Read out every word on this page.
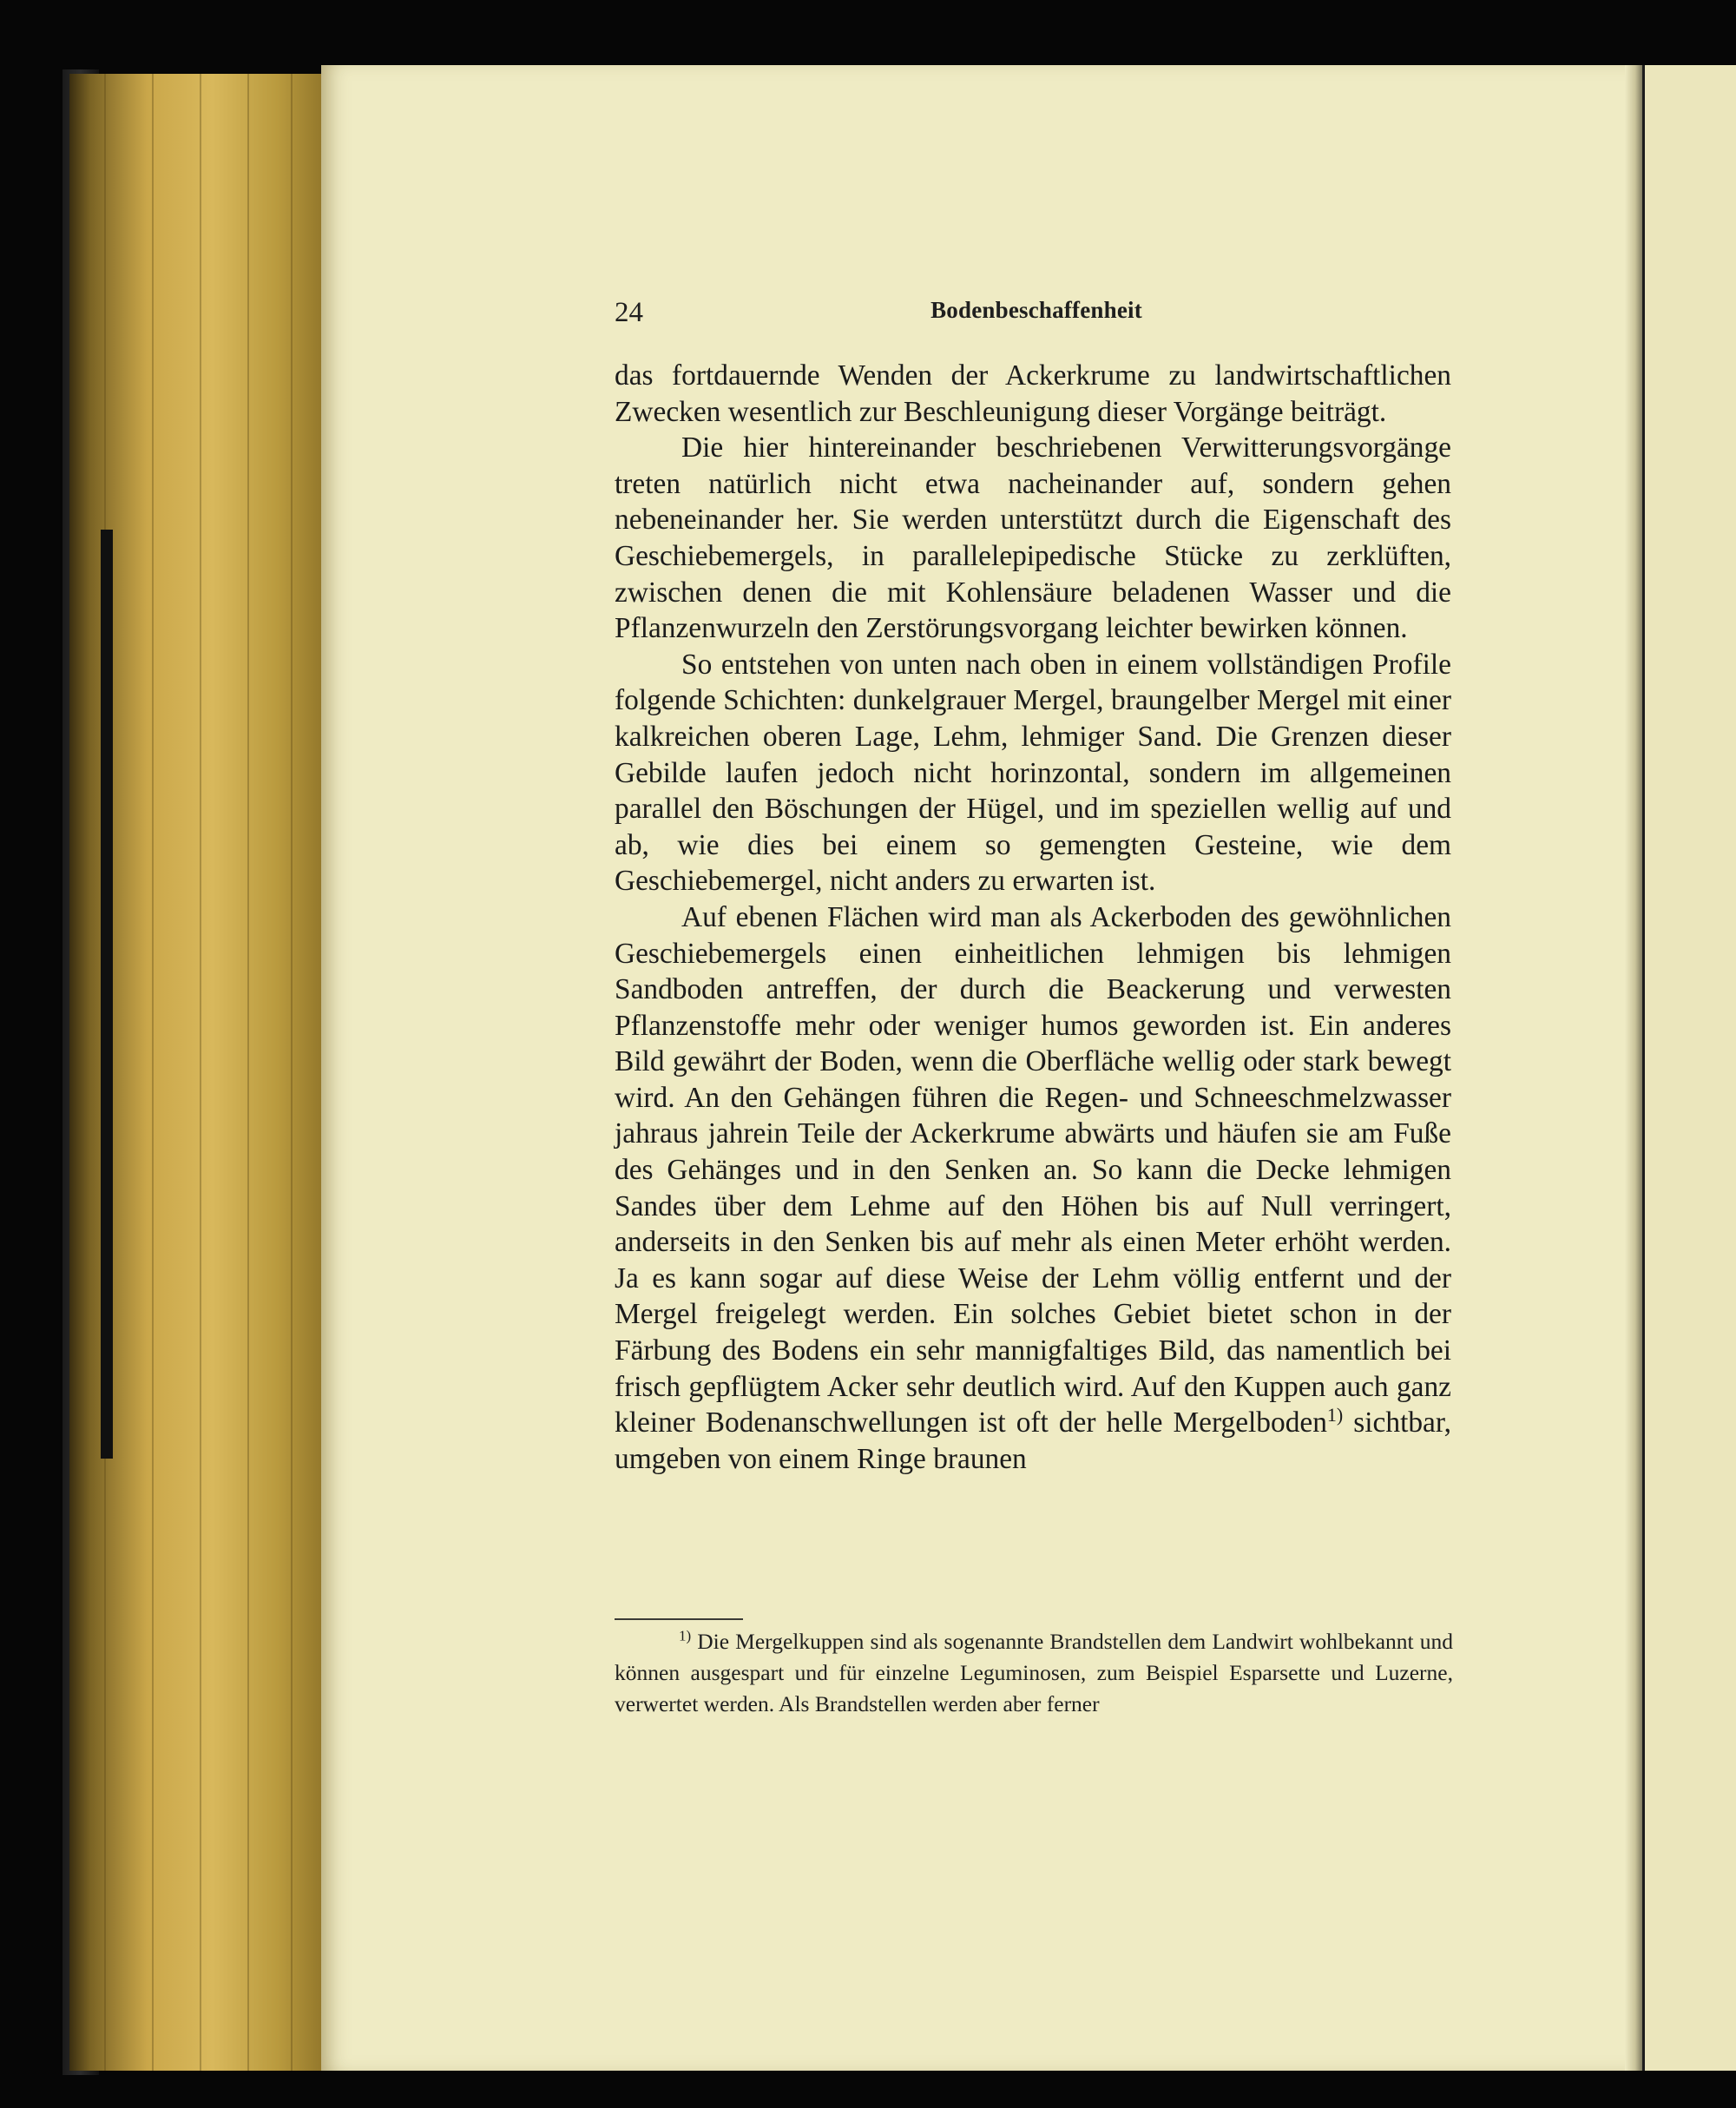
24	Bodenbeschaffenheit

das fortdauernde Wenden der Ackerkrume zu landwirtschaftlichen Zwecken wesentlich zur Beschleunigung dieser Vorgänge beiträgt.

Die hier hintereinander beschriebenen Verwitterungsvorgänge treten natürlich nicht etwa nacheinander auf, sondern gehen nebeneinander her. Sie werden unterstützt durch die Eigenschaft des Geschiebemergels, in parallelepipedische Stücke zu zerklüften, zwischen denen die mit Kohlensäure beladenen Wasser und die Pflanzenwurzeln den Zerstörungsvorgang leichter bewirken können.

So entstehen von unten nach oben in einem vollständigen Profile folgende Schichten: dunkelgrauer Mergel, braungelber Mergel mit einer kalkreichen oberen Lage, Lehm, lehmiger Sand. Die Grenzen dieser Gebilde laufen jedoch nicht horinzontal, sondern im allgemeinen parallel den Böschungen der Hügel, und im speziellen wellig auf und ab, wie dies bei einem so gemengten Gesteine, wie dem Geschiebemergel, nicht anders zu erwarten ist.

Auf ebenen Flächen wird man als Ackerboden des gewöhnlichen Geschiebemergels einen einheitlichen lehmigen bis lehmigen Sandboden antreffen, der durch die Beackerung und verwesten Pflanzenstoffe mehr oder weniger humos geworden ist. Ein anderes Bild gewährt der Boden, wenn die Oberfläche wellig oder stark bewegt wird. An den Gehängen führen die Regen- und Schneeschmelzwasser jahraus jahrein Teile der Ackerkrume abwärts und häufen sie am Fuße des Gehänges und in den Senken an. So kann die Decke lehmigen Sandes über dem Lehme auf den Höhen bis auf Null verringert, anderseits in den Senken bis auf mehr als einen Meter erhöht werden. Ja es kann sogar auf diese Weise der Lehm völlig entfernt und der Mergel freigelegt werden. Ein solches Gebiet bietet schon in der Färbung des Bodens ein sehr mannigfaltiges Bild, das namentlich bei frisch gepflügtem Acker sehr deutlich wird. Auf den Kuppen auch ganz kleiner Bodenanschwellungen ist oft der helle Mergelboden$^{1)}$ sichtbar, umgeben von einem Ringe braunen

$^{1)}$ Die Mergelkuppen sind als sogenannte Brandstellen dem Landwirt wohlbekannt und können ausgespart und für einzelne Leguminosen, zum Beispiel Esparsette und Luzerne, verwertet werden. Als Brandstellen werden aber ferner
